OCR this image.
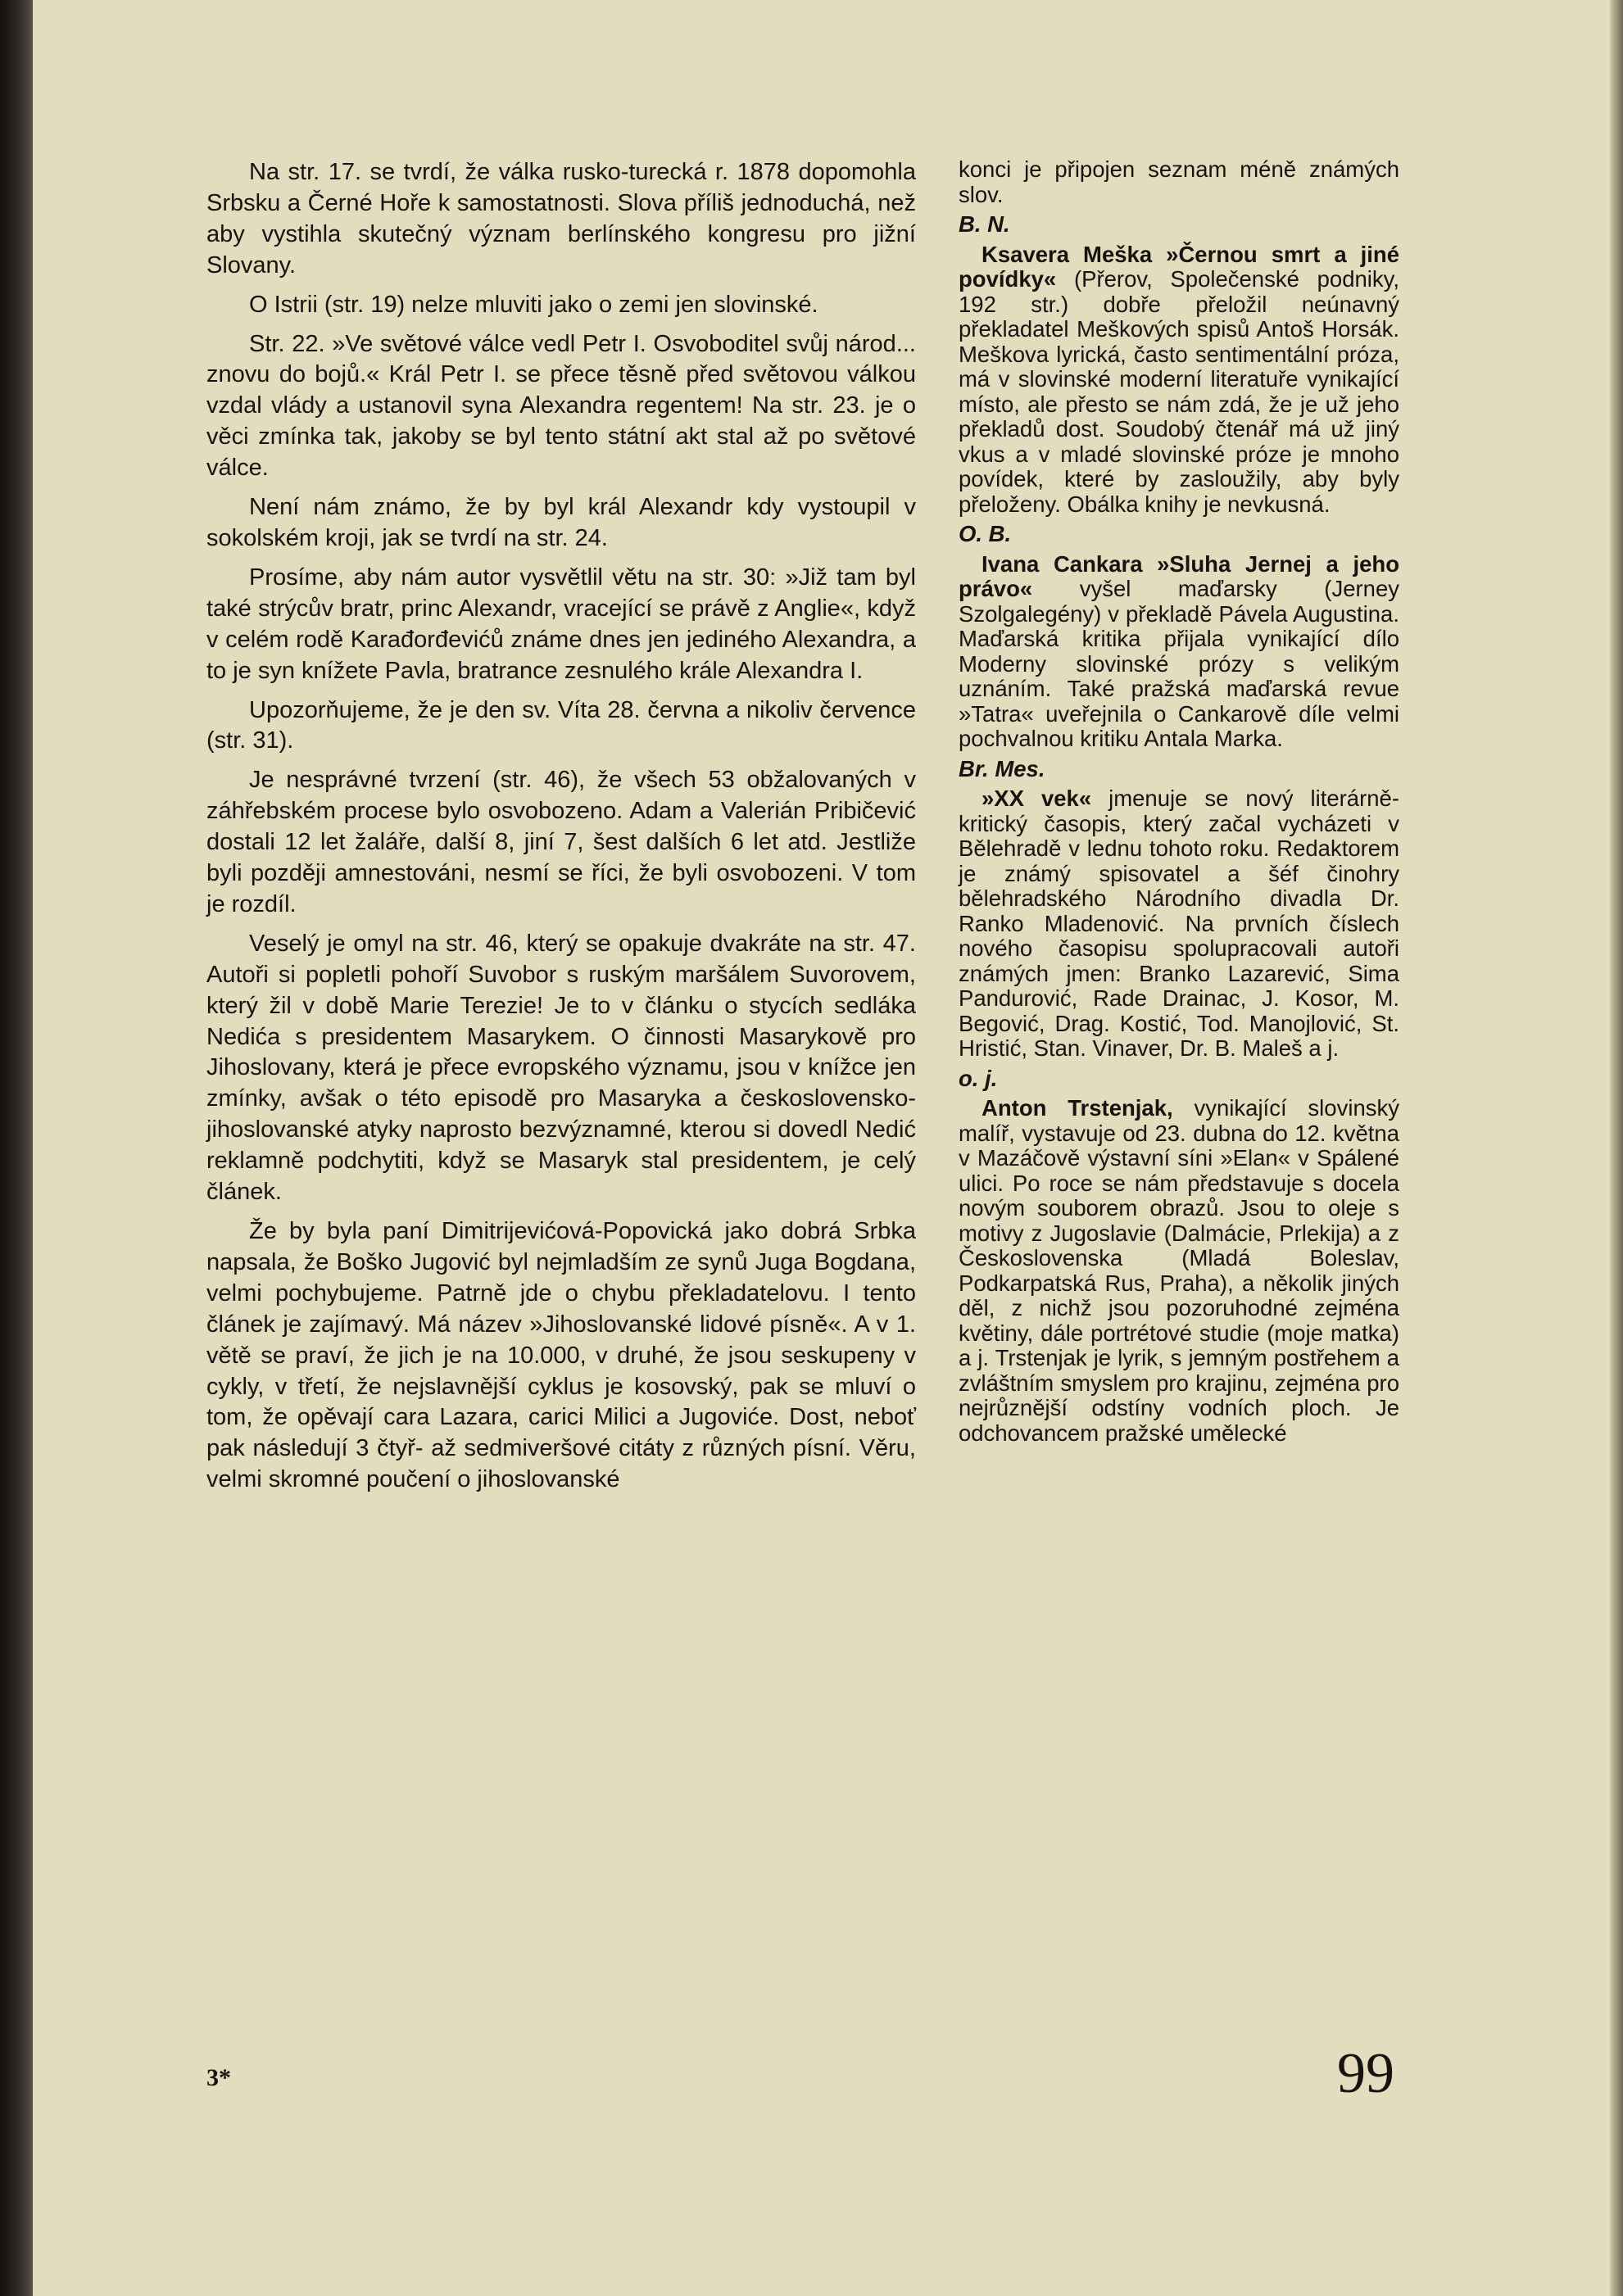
Na str. 17. se tvrdí, že válka rusko-turecká r. 1878 dopomohla Srbsku a Černé Hoře k samostatnosti. Slova příliš jednoduchá, než aby vystihla skutečný význam berlínského kongresu pro jižní Slovany.

O Istrii (str. 19) nelze mluviti jako o zemi jen slovinské.

Str. 22. »Ve světové válce vedl Petr I. Osvoboditel svůj národ... znovu do bojů.« Král Petr I. se přece těsně před světovou válkou vzdal vlády a ustanovil syna Alexandra regentem! Na str. 23. je o věci zmínka tak, jakoby se byl tento státní akt stal až po světové válce.

Není nám známo, že by byl král Alexandr kdy vystoupil v sokolském kroji, jak se tvrdí na str. 24.

Prosíme, aby nám autor vysvětlil větu na str. 30: »Již tam byl také strýcův bratr, princ Alexandr, vracející se právě z Anglie«, když v celém rodě Karađorđevićů známe dnes jen jediného Alexandra, a to je syn knížete Pavla, bratrance zesnulého krále Alexandra I.

Upozorňujeme, že je den sv. Víta 28. června a nikoliv července (str. 31).

Je nesprávné tvrzení (str. 46), že všech 53 obžalovaných v záhřebském procese bylo osvobozeno. Adam a Valerián Pribičević dostali 12 let žaláře, další 8, jiní 7, šest dalších 6 let atd. Jestliže byli později amnestováni, nesmí se říci, že byli osvobozeni. V tom je rozdíl.

Veselý je omyl na str. 46, který se opakuje dvakráte na str. 47. Autoři si popletli pohoří Suvobor s ruským maršálem Suvorovem, který žil v době Marie Terezie! Je to v článku o stycích sedláka Nedića s presidentem Masarykem. O činnosti Masarykově pro Jihoslovany, která je přece evropského významu, jsou v knížce jen zmínky, avšak o této episodě pro Masaryka a československo-jihoslovanské atyky naprosto bezvýznamné, kterou si dovedl Nedić reklamně podchytiti, když se Masaryk stal presidentem, je celý článek.

Že by byla paní Dimitrijevićová-Popovická jako dobrá Srbka napsala, že Boško Jugović byl nejmladším ze synů Juga Bogdana, velmi pochybujeme. Patrně jde o chybu překladatelovu. I tento článek je zajímavý. Má název »Jihoslovanské lidové písně«. A v 1. větě se praví, že jich je na 10.000, v druhé, že jsou seskupeny v cykly, v třetí, že nejslavnější cyklus je kosovský, pak se mluví o tom, že opěvají cara Lazara, carici Milici a Jugoviće. Dost, neboť pak následují 3 čtyř- až sedmiveršové citáty z různých písní. Věru, velmi skromné poučení o jihoslovanské

konci je připojen seznam méně známých slov.

B. N.

Ksavera Meška »Černou smrt a jiné povídky« (Přerov, Společenské podniky, 192 str.) dobře přeložil neúnavný překladatel Meškových spisů Antoš Horsák. Meškova lyrická, často sentimentální próza, má v slovinské moderní literatuře vynikající místo, ale přesto se nám zdá, že je už jeho překladů dost. Soudobý čtenář má už jiný vkus a v mladé slovinské próze je mnoho povídek, které by zasloužily, aby byly přeloženy. Obálka knihy je nevkusná.

O. B.

Ivana Cankara »Sluha Jernej a jeho právo« vyšel maďarsky (Jerney Szolgalegény) v překladě Pávela Augustina. Maďarská kritika přijala vynikající dílo Moderny slovinské prózy s velikým uznáním. Také pražská maďarská revue »Tatra« uveřejnila o Cankarově díle velmi pochvalnou kritiku Antala Marka.

Br. Mes.

»XX vek« jmenuje se nový literárně-kritický časopis, který začal vycházeti v Bělehradě v lednu tohoto roku. Redaktorem je známý spisovatel a šéf činohry bělehradského Národního divadla Dr. Ranko Mladenović. Na prvních číslech nového časopisu spolupracovali autoři známých jmen: Branko Lazarević, Sima Pandurović, Rade Drainac, J. Kosor, M. Begović, Drag. Kostić, Tod. Manojlović, St. Hristić, Stan. Vinaver, Dr. B. Maleš a j.

o. j.

Anton Trstenjak, vynikající slovinský malíř, vystavuje od 23. dubna do 12. května v Mazáčově výstavní síni »Elan« v Spálené ulici. Po roce se nám představuje s docela novým souborem obrazů. Jsou to oleje s motivy z Jugoslavie (Dalmácie, Prlekija) a z Československa (Mladá Boleslav, Podkarpatská Rus, Praha), a několik jiných děl, z nichž jsou pozoruhodné zejména květiny, dále portrétové studie (moje matka) a j. Trstenjak je lyrik, s jemným postřehem a zvláštním smyslem pro krajinu, zejména pro nejrůznější odstíny vodních ploch. Je odchovancem pražské umělecké

3*	99
